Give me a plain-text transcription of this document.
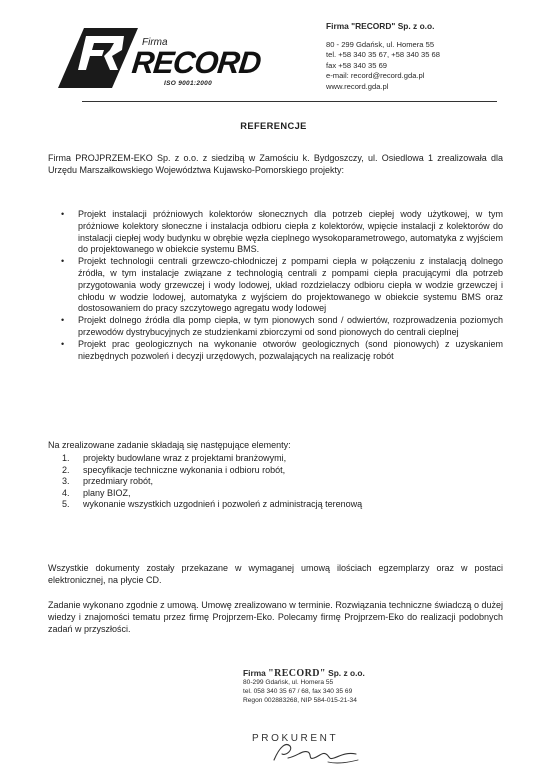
Firma
RECORD
ISO 9001:2000
Firma "RECORD" Sp. z o.o.
80 - 299 Gdańsk, ul. Homera 55
tel. +58 340 35 67, +58 340 35 68
fax +58 340 35 69
e-mail: record@record.gda.pl
www.record.gda.pl
REFERENCJE
Firma PROJPRZEM-EKO Sp. z o.o. z siedzibą w Zamościu k. Bydgoszczy, ul. Osiedlowa 1 zrealizowała dla Urzędu Marszałkowskiego Województwa Kujawsko-Pomorskiego projekty:
• Projekt instalacji próżniowych kolektorów słonecznych dla potrzeb ciepłej wody użytkowej, w tym próżniowe kolektory słoneczne i instalacja odbioru ciepła z kolektorów, wpięcie instalacji z kolektorów do instalacji ciepłej wody budynku w obrębie węzła cieplnego wysokoparametrowego, automatyka z wyjściem do projektowanego w obiekcie systemu BMS.
• Projekt technologii centrali grzewczo-chłodniczej z pompami ciepła w połączeniu z instalacją dolnego źródła, w tym instalacje związane z technologią centrali z pompami ciepła pracującymi dla potrzeb przygotowania wody grzewczej i wody lodowej, układ rozdzielaczy odbioru ciepła w wodzie grzewczej i chłodu w wodzie lodowej, automatyka z wyjściem do projektowanego w obiekcie systemu BMS oraz dostosowaniem do pracy szczytowego agregatu wody lodowej
• Projekt dolnego źródła dla pomp ciepła, w tym pionowych sond / odwiertów, rozprowadzenia poziomych przewodów dystrybucyjnych ze studzienkami zbiorczymi od sond pionowych do centrali cieplnej
• Projekt prac geologicznych na wykonanie otworów geologicznych (sond pionowych) z uzyskaniem niezbędnych pozwoleń i decyzji urzędowych, pozwalających na realizację robót
Na zrealizowane zadanie składają się następujące elementy:
1. projekty budowlane wraz z projektami branżowymi,
2. specyfikacje techniczne wykonania i odbioru robót,
3. przedmiary robót,
4. plany BIOZ,
5. wykonanie wszystkich uzgodnień i pozwoleń z administracją terenową
Wszystkie dokumenty zostały przekazane w wymaganej umową ilościach egzemplarzy oraz w postaci elektronicznej, na płycie CD.
Zadanie wykonano zgodnie z umową. Umowę zrealizowano w terminie. Rozwiązania techniczne świadczą o dużej wiedzy i znajomości tematu przez firmę Projprzem-Eko. Polecamy firmę Projprzem-Eko do realizacji podobnych zadań w przyszłości.
Firma "RECORD" Sp. z o.o.
80-299 Gdańsk, ul. Homera 55
tel. 058 340 35 67 / 68, fax 340 35 69
Regon 002883268, NIP 584-015-21-34
PROKURENT
